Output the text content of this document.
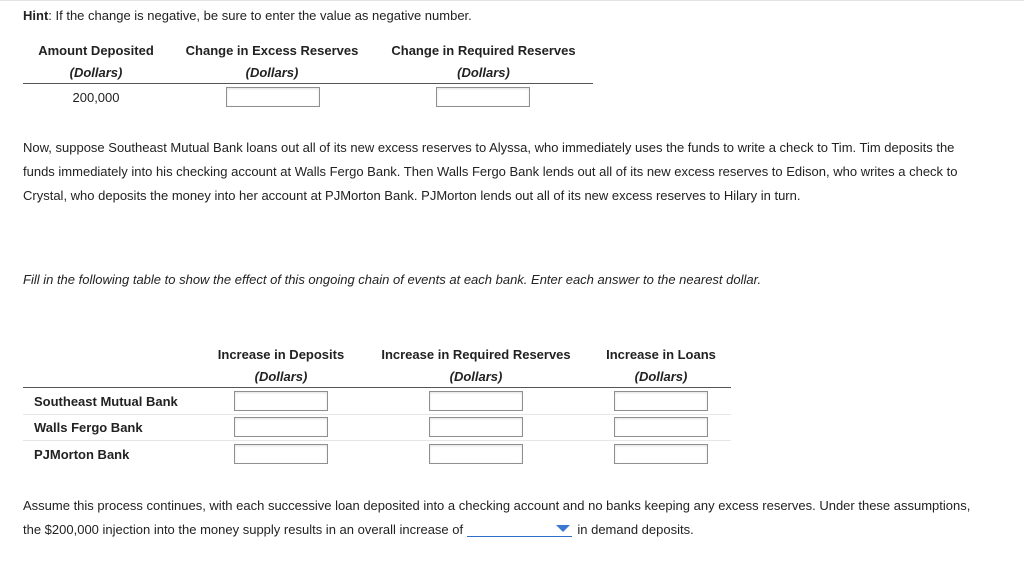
Hint: If the change is negative, be sure to enter the value as negative number.
Amount Deposited
(Dollars)
Change in Excess Reserves
(Dollars)
Change in Required Reserves
(Dollars)
200,000
Now, suppose Southeast Mutual Bank loans out all of its new excess reserves to Alyssa, who immediately uses the funds to write a check to Tim. Tim deposits the funds immediately into his checking account at Walls Fergo Bank. Then Walls Fergo Bank lends out all of its new excess reserves to Edison, who writes a check to Crystal, who deposits the money into her account at PJMorton Bank. PJMorton lends out all of its new excess reserves to Hilary in turn.
Fill in the following table to show the effect of this ongoing chain of events at each bank. Enter each answer to the nearest dollar.
Increase in Deposits
(Dollars)
Increase in Required Reserves
(Dollars)
Increase in Loans
(Dollars)
Southeast Mutual Bank
Walls Fergo Bank
PJMorton Bank
Assume this process continues, with each successive loan deposited into a checking account and no banks keeping any excess reserves. Under these assumptions, the $200,000 injection into the money supply results in an overall increase of	in demand deposits.
